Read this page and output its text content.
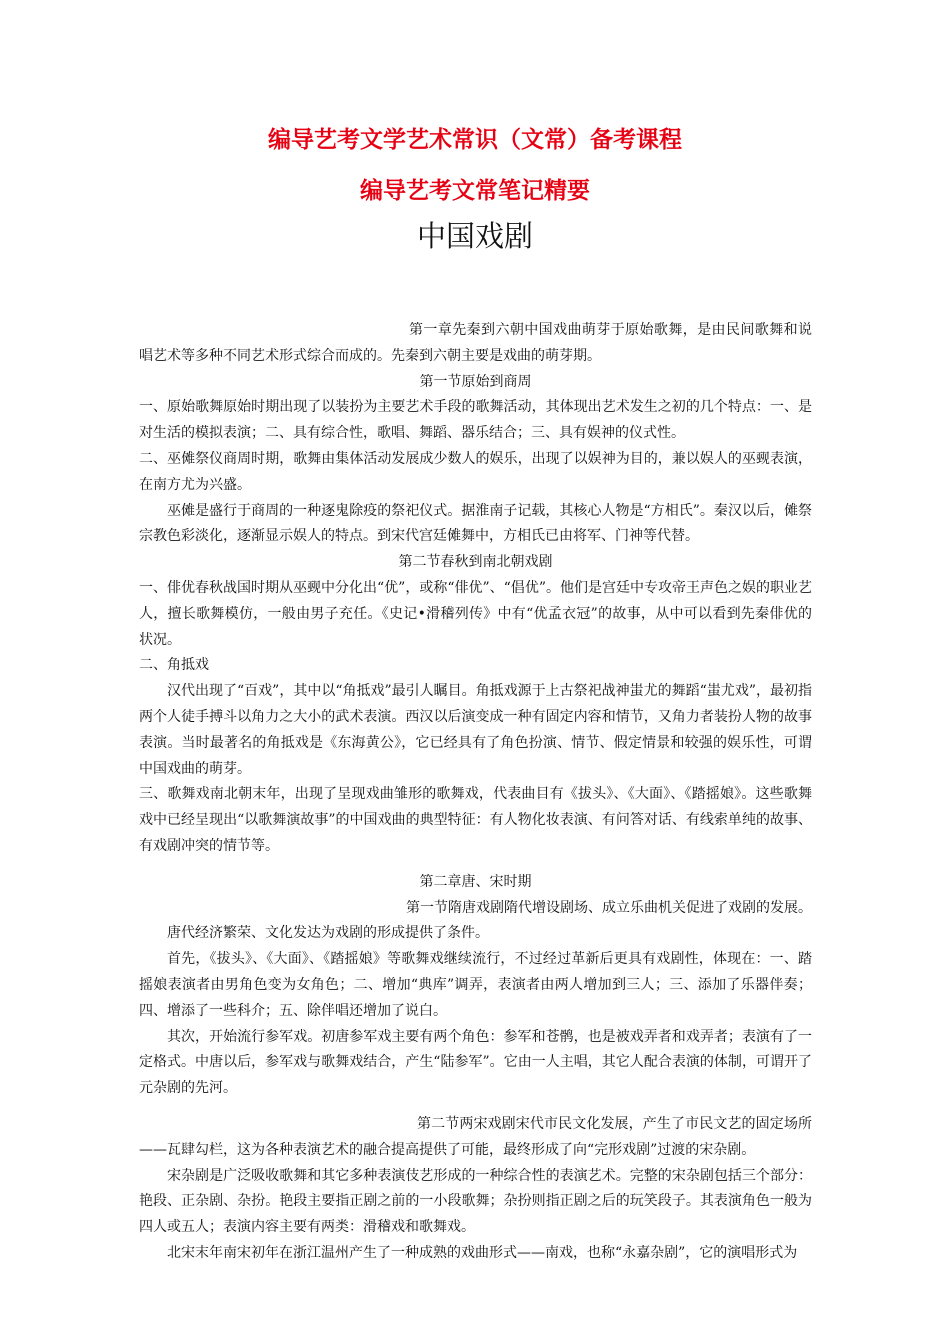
编导艺考文学艺术常识（文常）备考课程
编导艺考文常笔记精要
中国戏剧

第一章先秦到六朝中国戏曲萌芽于原始歌舞，是由民间歌舞和说唱艺术等多种不同艺术形式综合而成的。先秦到六朝主要是戏曲的萌芽期。

第一节原始到商周

一、原始歌舞原始时期出现了以装扮为主要艺术手段的歌舞活动，其体现出艺术发生之初的几个特点：一、是对生活的模拟表演；二、具有综合性，歌唱、舞蹈、器乐结合；三、具有娱神的仪式性。

二、巫傩祭仪商周时期，歌舞由集体活动发展成少数人的娱乐，出现了以娱神为目的，兼以娱人的巫觋表演，在南方尤为兴盛。

巫傩是盛行于商周的一种逐鬼除疫的祭祀仪式。据淮南子记载，其核心人物是“方相氏”。秦汉以后，傩祭宗教色彩淡化，逐渐显示娱人的特点。到宋代宫廷傩舞中，方相氏已由将军、门神等代替。

第二节春秋到南北朝戏剧

一、俳优春秋战国时期从巫觋中分化出“优”，或称“俳优”、“倡优”。他们是宫廷中专攻帝王声色之娱的职业艺人，擅长歌舞模仿，一般由男子充任。《史记•滑稽列传》中有“优孟衣冠”的故事，从中可以看到先秦俳优的状况。

二、角抵戏

汉代出现了“百戏”，其中以“角抵戏”最引人瞩目。角抵戏源于上古祭祀战神蚩尤的舞蹈“蚩尤戏”，最初指两个人徒手搏斗以角力之大小的武术表演。西汉以后演变成一种有固定内容和情节，又角力者装扮人物的故事表演。当时最著名的角抵戏是《东海黄公》，它已经具有了角色扮演、情节、假定情景和较强的娱乐性，可谓中国戏曲的萌芽。

三、歌舞戏南北朝末年，出现了呈现戏曲雏形的歌舞戏，代表曲目有《拔头》、《大面》、《踏摇娘》。这些歌舞戏中已经呈现出“以歌舞演故事”的中国戏曲的典型特征：有人物化妆表演、有问答对话、有线索单纯的故事、有戏剧冲突的情节等。

第二章唐、宋时期

第一节隋唐戏剧隋代增设剧场、成立乐曲机关促进了戏剧的发展。

唐代经济繁荣、文化发达为戏剧的形成提供了条件。

首先，《拔头》、《大面》、《踏摇娘》等歌舞戏继续流行，不过经过革新后更具有戏剧性，体现在：一、踏摇娘表演者由男角色变为女角色；二、增加“典库”调弄，表演者由两人增加到三人；三、添加了乐器伴奏；四、增添了一些科介；五、除伴唱还增加了说白。

其次，开始流行参军戏。初唐参军戏主要有两个角色：参军和苍鹘，也是被戏弄者和戏弄者；表演有了一定格式。中唐以后，参军戏与歌舞戏结合，产生“陆参军”。它由一人主唱，其它人配合表演的体制，可谓开了元杂剧的先河。

第二节两宋戏剧宋代市民文化发展，产生了市民文艺的固定场所——瓦肆勾栏，这为各种表演艺术的融合提高提供了可能，最终形成了向“完形戏剧”过渡的宋杂剧。

宋杂剧是广泛吸收歌舞和其它多种表演伎艺形成的一种综合性的表演艺术。完整的宋杂剧包括三个部分：艳段、正杂剧、杂扮。艳段主要指正剧之前的一小段歌舞；杂扮则指正剧之后的玩笑段子。其表演角色一般为四人或五人；表演内容主要有两类：滑稽戏和歌舞戏。

北宋末年南宋初年在浙江温州产生了一种成熟的戏曲形式——南戏，也称“永嘉杂剧”，它的演唱形式为
